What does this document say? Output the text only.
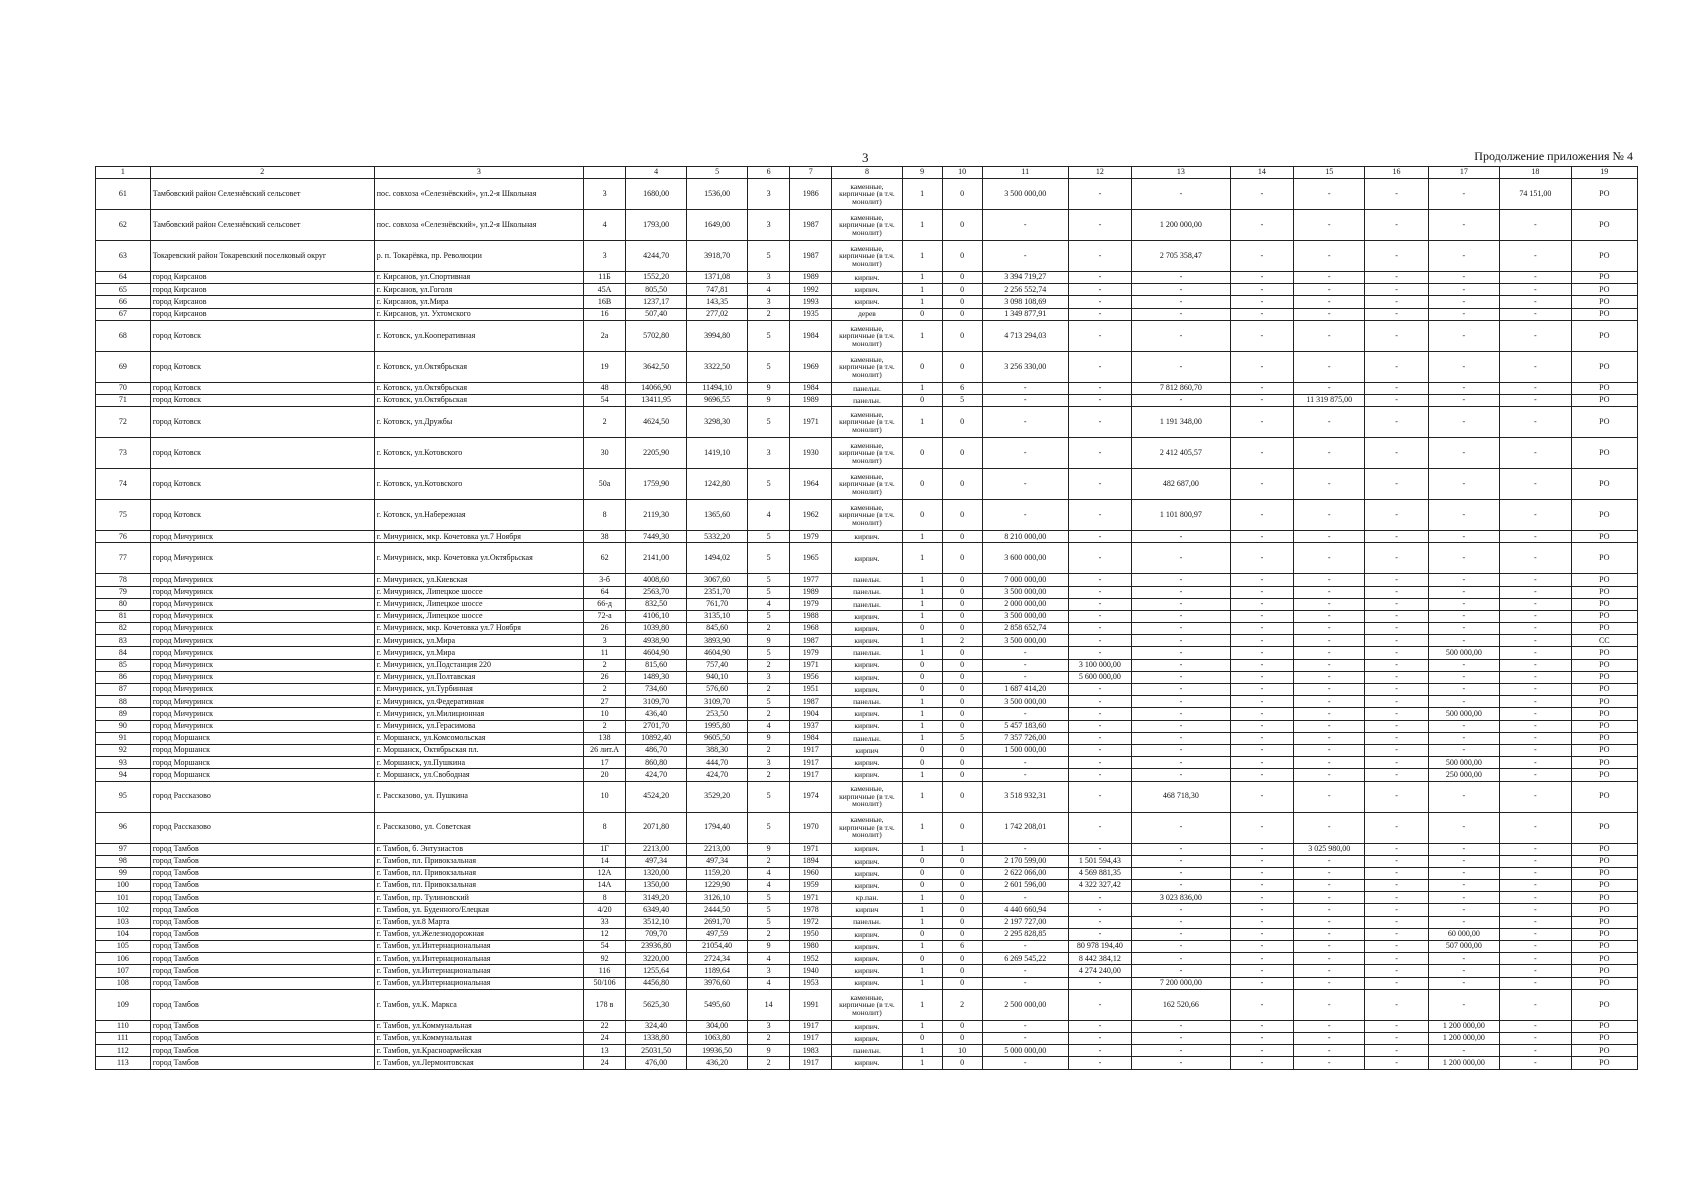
3	Продолжение приложения № 4
1	2	3		4	5	6	7	8	9	10	11	12	13	14	15	16	17	18	19
61	Тамбовский район Селезнёвский сельсовет	пос. совхоза «Селезнёвский», ул.2-я Школьная	3	1680,00	1536,00	3	1986	каменные, кирпичные (в т.ч. монолит)	1	0	3 500 000,00	-	-	-	-	-	-	74 151,00	РО
62	Тамбовский район Селезнёвский сельсовет	пос. совхоза «Селезнёвский», ул.2-я Школьная	4	1793,00	1649,00	3	1987	каменные, кирпичные (в т.ч. монолит)	1	0	-	-	1 200 000,00	-	-	-	-	-	РО
63	Токаревский район Токаревский поселковый округ	р. п. Токарёвка, пр. Революции	3	4244,70	3918,70	5	1987	каменные, кирпичные (в т.ч. монолит)	1	0	-	-	2 705 358,47	-	-	-	-	-	РО
64	город Кирсанов	г. Кирсанов, ул.Спортивная	11Б	1552,20	1371,08	3	1989	кирпич.	1	0	3 394 719,27	-	-	-	-	-	-	-	РО
65	город Кирсанов	г. Кирсанов, ул.Гоголя	45А	805,50	747,81	4	1992	кирпич.	1	0	2 256 552,74	-	-	-	-	-	-	-	РО
66	город Кирсанов	г. Кирсанов, ул.Мира	16В	1237,17	143,35	3	1993	кирпич.	1	0	3 098 108,69	-	-	-	-	-	-	-	РО
67	город Кирсанов	г. Кирсанов, ул. Ухтомского	16	507,40	277,02	2	1935	дерев	0	0	1 349 877,91	-	-	-	-	-	-	-	РО
68	город Котовск	г. Котовск, ул.Кооперативная	2а	5702,80	3994,80	5	1984	каменные, кирпичные (в т.ч. монолит)	1	0	4 713 294,03	-	-	-	-	-	-	-	РО
69	город Котовск	г. Котовск, ул.Октябрьская	19	3642,50	3322,50	5	1969	каменные, кирпичные (в т.ч. монолит)	0	0	3 256 330,00	-	-	-	-	-	-	-	РО
70	город Котовск	г. Котовск, ул.Октябрьская	48	14066,90	11494,10	9	1984	панельн.	1	6	-	-	7 812 860,70	-	-	-	-	-	РО
71	город Котовск	г. Котовск, ул.Октябрьская	54	13411,95	9696,55	9	1989	панельн.	0	5	-	-	-	-	11 319 875,00	-	-	-	РО
72	город Котовск	г. Котовск, ул.Дружбы	2	4624,50	3298,30	5	1971	каменные, кирпичные (в т.ч. монолит)	1	0	-	-	1 191 348,00	-	-	-	-	-	РО
73	город Котовск	г. Котовск, ул.Котовского	30	2205,90	1419,10	3	1930	каменные, кирпичные (в т.ч. монолит)	0	0	-	-	2 412 405,57	-	-	-	-	-	РО
74	город Котовск	г. Котовск, ул.Котовского	50а	1759,90	1242,80	5	1964	каменные, кирпичные (в т.ч. монолит)	0	0	-	-	482 687,00	-	-	-	-	-	РО
75	город Котовск	г. Котовск, ул.Набережная	8	2119,30	1365,60	4	1962	каменные, кирпичные (в т.ч. монолит)	0	0	-	-	1 101 800,97	-	-	-	-	-	РО
76	город Мичуринск	г. Мичуринск, мкр. Кочетовка ул.7 Ноября	38	7449,30	5332,20	5	1979	кирпич.	1	0	8 210 000,00	-	-	-	-	-	-	-	РО
77	город Мичуринск	г. Мичуринск, мкр. Кочетовка ул.Октябрьская	62	2141,00	1494,02	5	1965	кирпич.	1	0	3 600 000,00	-	-	-	-	-	-	-	РО
78	город Мичуринск	г. Мичуринск, ул.Киевская	3-б	4008,60	3067,60	5	1977	панельн.	1	0	7 000 000,00	-	-	-	-	-	-	-	РО
79	город Мичуринск	г. Мичуринск, Липецкое шоссе	64	2563,70	2351,70	5	1989	панельн.	1	0	3 500 000,00	-	-	-	-	-	-	-	РО
80	город Мичуринск	г. Мичуринск, Липецкое шоссе	66-д	832,50	761,70	4	1979	панельн.	1	0	2 000 000,00	-	-	-	-	-	-	-	РО
81	город Мичуринск	г. Мичуринск, Липецкое шоссе	72-а	4106,10	3135,10	5	1988	кирпич.	1	0	3 500 000,00	-	-	-	-	-	-	-	РО
82	город Мичуринск	г. Мичуринск, мкр. Кочетовка ул.7 Ноября	26	1039,80	845,60	2	1968	кирпич.	0	0	2 858 652,74	-	-	-	-	-	-	-	РО
83	город Мичуринск	г. Мичуринск, ул.Мира	3	4938,90	3893,90	9	1987	кирпич.	1	2	3 500 000,00	-	-	-	-	-	-	-	СС
84	город Мичуринск	г. Мичуринск, ул.Мира	11	4604,90	4604,90	5	1979	панельн.	1	0	-	-	-	-	-	-	500 000,00	-	РО
85	город Мичуринск	г. Мичуринск, ул.Подстанция 220	2	815,60	757,40	2	1971	кирпич.	0	0	-	3 100 000,00	-	-	-	-	-	-	РО
86	город Мичуринск	г. Мичуринск, ул.Полтавская	26	1489,30	940,10	3	1956	кирпич.	0	0	-	5 600 000,00	-	-	-	-	-	-	РО
87	город Мичуринск	г. Мичуринск, ул.Турбинная	2	734,60	576,60	2	1951	кирпич.	0	0	1 687 414,20	-	-	-	-	-	-	-	РО
88	город Мичуринск	г. Мичуринск, ул.Федеративная	27	3109,70	3109,70	5	1987	панельн.	1	0	3 500 000,00	-	-	-	-	-	-	-	РО
89	город Мичуринск	г. Мичуринск, ул.Милиционная	10	436,40	253,50	2	1904	кирпич.	1	0	-	-	-	-	-	-	500 000,00	-	РО
90	город Мичуринск	г. Мичуринск, ул.Герасимова	2	2701,70	1995,80	4	1937	кирпич.	1	0	5 457 183,60	-	-	-	-	-	-	-	РО
91	город Моршанск	г. Моршанск, ул.Комсомольская	138	10892,40	9605,50	9	1984	панельн.	1	5	7 357 726,00	-	-	-	-	-	-	-	РО
92	город Моршанск	г. Моршанск, Октябрьская пл.	26 лит.А	486,70	388,30	2	1917	кирпич	0	0	1 500 000,00	-	-	-	-	-	-	-	РО
93	город Моршанск	г. Моршанск, ул.Пушкина	17	860,80	444,70	3	1917	кирпич.	0	0	-	-	-	-	-	-	500 000,00	-	РО
94	город Моршанск	г. Моршанск, ул.Свободная	20	424,70	424,70	2	1917	кирпич.	1	0	-	-	-	-	-	-	250 000,00	-	РО
95	город Рассказово	г. Рассказово, ул. Пушкина	10	4524,20	3529,20	5	1974	каменные, кирпичные (в т.ч. монолит)	1	0	3 518 932,31	-	468 718,30	-	-	-	-	-	РО
96	город Рассказово	г. Рассказово, ул. Советская	8	2071,80	1794,40	5	1970	каменные, кирпичные (в т.ч. монолит)	1	0	1 742 208,01	-	-	-	-	-	-	-	РО
97	город Тамбов	г. Тамбов, б. Энтузиастов	1Г	2213,00	2213,00	9	1971	кирпич.	1	1	-	-	-	-	3 025 980,00	-	-	-	РО
98	город Тамбов	г. Тамбов, пл. Привокзальная	14	497,34	497,34	2	1894	кирпич.	0	0	2 170 599,00	1 501 594,43	-	-	-	-	-	-	РО
99	город Тамбов	г. Тамбов, пл. Привокзальная	12А	1320,00	1159,20	4	1960	кирпич.	0	0	2 622 066,00	4 569 881,35	-	-	-	-	-	-	РО
100	город Тамбов	г. Тамбов, пл. Привокзальная	14А	1350,00	1229,90	4	1959	кирпич.	0	0	2 601 596,00	4 322 327,42	-	-	-	-	-	-	РО
101	город Тамбов	г. Тамбов, пр. Тулиновский	8	3149,20	3126,10	5	1971	кр.пан.	1	0	-	-	3 023 836,00	-	-	-	-	-	РО
102	город Тамбов	г. Тамбов, ул. Буденного/Елецкая	4/20	6349,40	2444,50	5	1978	кирпич	1	0	4 440 660,94	-	-	-	-	-	-	-	РО
103	город Тамбов	г. Тамбов, ул.8 Марта	33	3512,10	2691,70	5	1972	панельн.	1	0	2 197 727,00	-	-	-	-	-	-	-	РО
104	город Тамбов	г. Тамбов, ул.Железнодорожная	12	709,70	497,59	2	1950	кирпич.	0	0	2 295 828,85	-	-	-	-	-	60 000,00	-	РО
105	город Тамбов	г. Тамбов, ул.Интернациональная	54	23936,80	21054,40	9	1980	кирпич.	1	6	-	80 978 194,40	-	-	-	-	507 000,00	-	РО
106	город Тамбов	г. Тамбов, ул.Интернациональная	92	3220,00	2724,34	4	1952	кирпич.	0	0	6 269 545,22	8 442 384,12	-	-	-	-	-	-	РО
107	город Тамбов	г. Тамбов, ул.Интернациональная	116	1255,64	1189,64	3	1940	кирпич.	1	0	-	4 274 240,00	-	-	-	-	-	-	РО
108	город Тамбов	г. Тамбов, ул.Интернациональная	50/106	4456,80	3976,60	4	1953	кирпич.	1	0	-	-	7 200 000,00	-	-	-	-	-	РО
109	город Тамбов	г. Тамбов, ул.К. Маркса	178 в	5625,30	5495,60	14	1991	каменные, кирпичные (в т.ч. монолит)	1	2	2 500 000,00	-	162 520,66	-	-	-	-	-	РО
110	город Тамбов	г. Тамбов, ул.Коммунальная	22	324,40	304,00	3	1917	кирпич.	1	0	-	-	-	-	-	-	1 200 000,00	-	РО
111	город Тамбов	г. Тамбов, ул.Коммунальная	24	1338,80	1063,80	2	1917	кирпич.	0	0	-	-	-	-	-	-	1 200 000,00	-	РО
112	город Тамбов	г. Тамбов, ул.Красноармейская	13	25031,50	19936,50	9	1983	панельн.	1	10	5 000 000,00	-	-	-	-	-	-	-	РО
113	город Тамбов	г. Тамбов, ул.Лермонтовская	24	476,00	436,20	2	1917	кирпич.	1	0	-	-	-	-	-	-	1 200 000,00	-	РО
